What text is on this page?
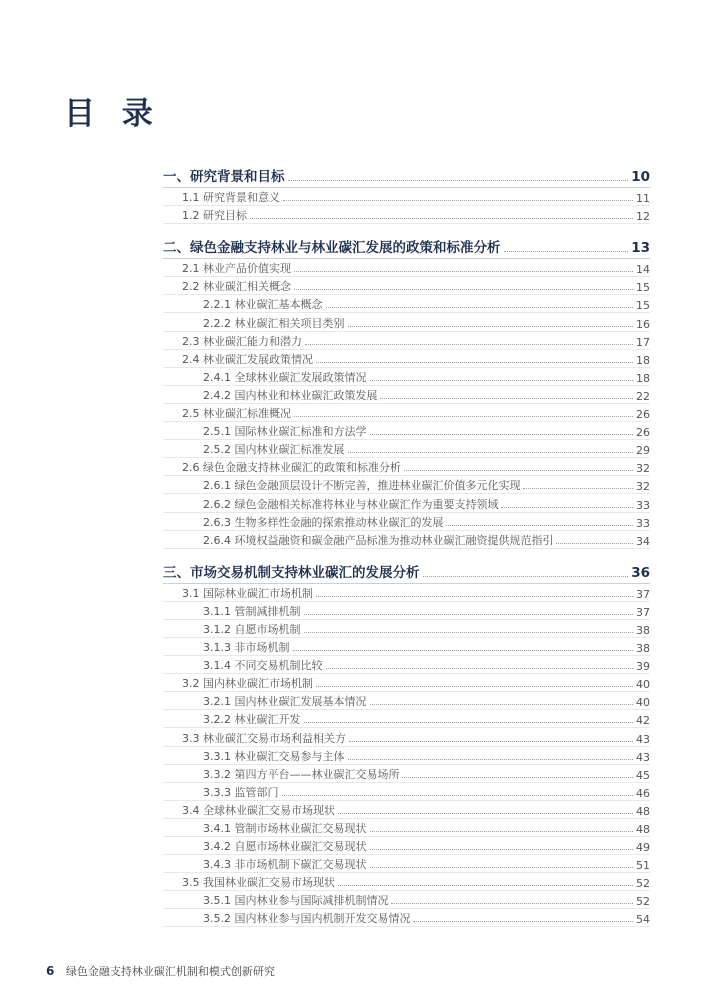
目 录
一、研究背景和目标	10
1.1 研究背景和意义	11
1.2 研究目标	12
二、绿色金融支持林业与林业碳汇发展的政策和标准分析	13
2.1 林业产品价值实现	14
2.2 林业碳汇相关概念	15
2.2.1 林业碳汇基本概念	15
2.2.2 林业碳汇相关项目类别	16
2.3 林业碳汇能力和潜力	17
2.4 林业碳汇发展政策情况	18
2.4.1 全球林业碳汇发展政策情况	18
2.4.2 国内林业和林业碳汇政策发展	22
2.5 林业碳汇标准概况	26
2.5.1 国际林业碳汇标准和方法学	26
2.5.2 国内林业碳汇标准发展	29
2.6 绿色金融支持林业碳汇的政策和标准分析	32
2.6.1 绿色金融顶层设计不断完善，推进林业碳汇价值多元化实现	32
2.6.2 绿色金融相关标准将林业与林业碳汇作为重要支持领域	33
2.6.3 生物多样性金融的探索推动林业碳汇的发展	33
2.6.4 环境权益融资和碳金融产品标准为推动林业碳汇融资提供规范指引	34
三、市场交易机制支持林业碳汇的发展分析	36
3.1 国际林业碳汇市场机制	37
3.1.1 管制减排机制	37
3.1.2 自愿市场机制	38
3.1.3 非市场机制	38
3.1.4 不同交易机制比较	39
3.2 国内林业碳汇市场机制	40
3.2.1 国内林业碳汇发展基本情况	40
3.2.2 林业碳汇开发	42
3.3 林业碳汇交易市场利益相关方	43
3.3.1 林业碳汇交易参与主体	43
3.3.2 第四方平台——林业碳汇交易场所	45
3.3.3 监管部门	46
3.4 全球林业碳汇交易市场现状	48
3.4.1 管制市场林业碳汇交易现状	48
3.4.2 自愿市场林业碳汇交易现状	49
3.4.3 非市场机制下碳汇交易现状	51
3.5 我国林业碳汇交易市场现状	52
3.5.1 国内林业参与国际减排机制情况	52
3.5.2 国内林业参与国内机制开发交易情况	54
6 绿色金融支持林业碳汇机制和模式创新研究
